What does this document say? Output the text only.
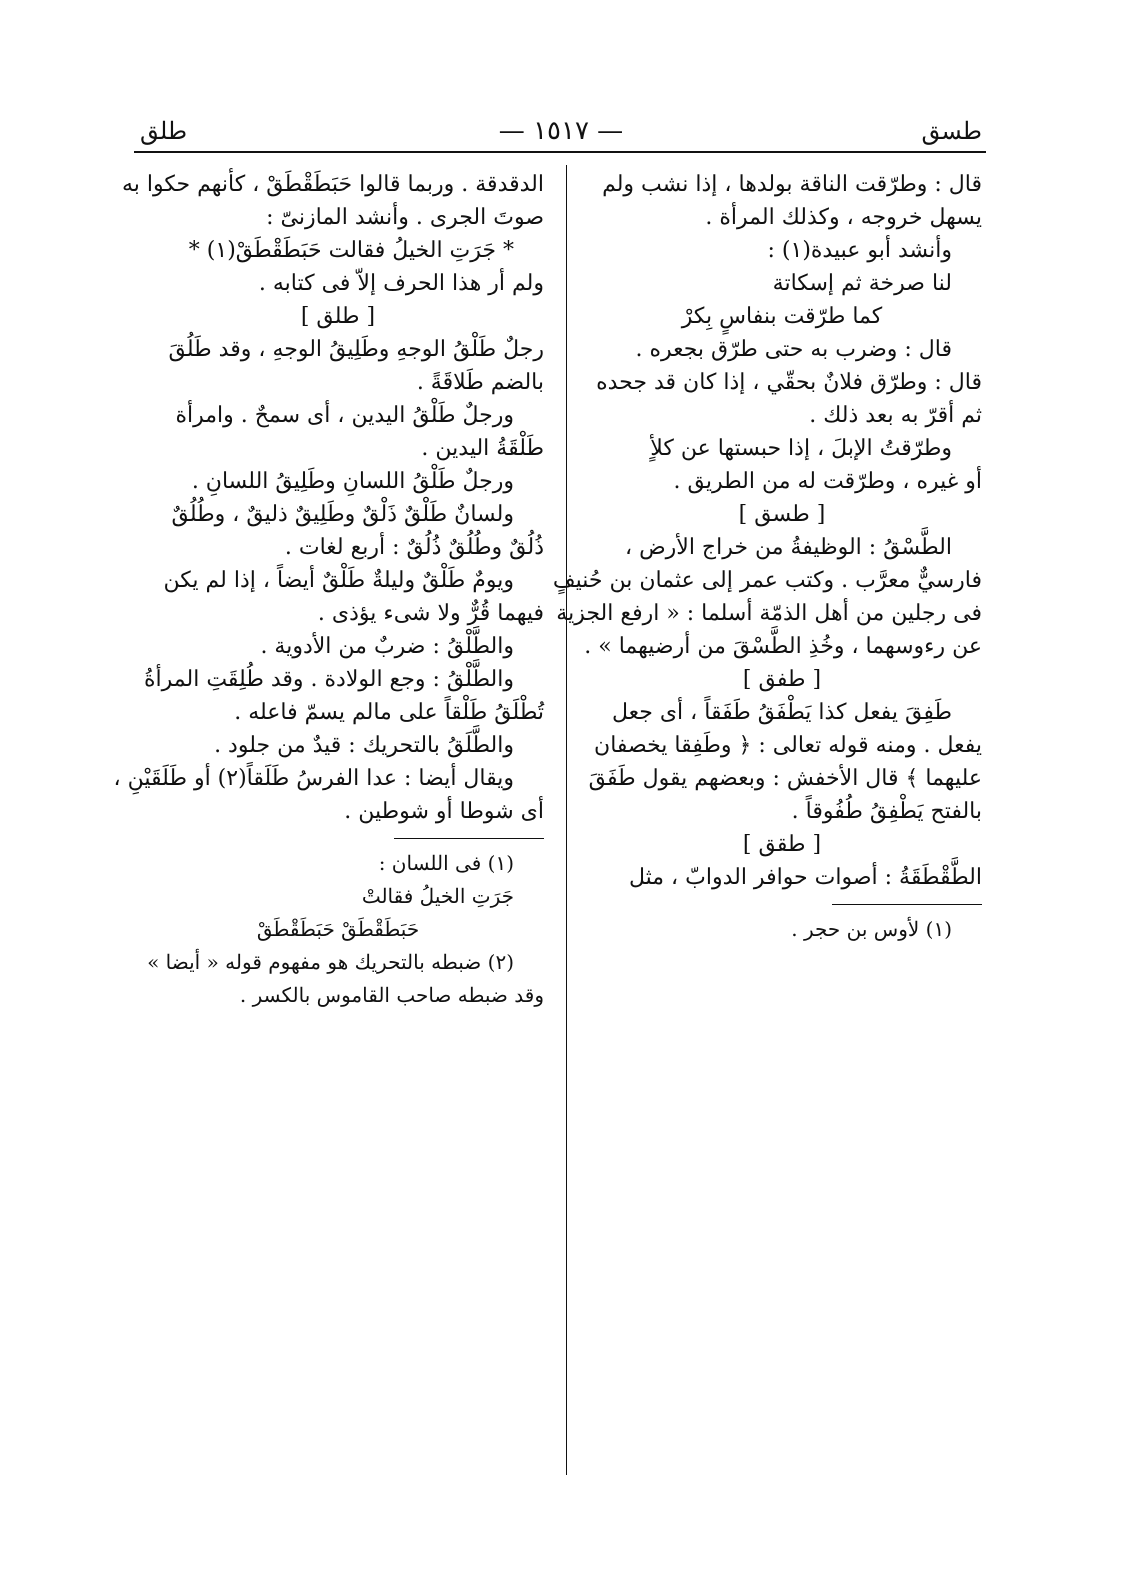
طسق
— ١٥١٧ —
طلق
قال : وطرّقت الناقة بولدها ، إذا نشب ولم
يسهل خروجه ، وكذلك المرأة .
وأنشد أبو عبيدة(١) :
لنا صرخة ثم إسكاتة
كما طرّقت بنفاسٍ بِكرْ
قال : وضرب به حتى طرّق بجعره .
قال : وطرّق فلانٌ بحقّي ، إذا كان قد جحده
ثم أقرّ به بعد ذلك .
وطرّقتُ الإبلَ ، إذا حبستها عن كلأٍ
أو غيره ، وطرّقت له من الطريق .
[ طسق ]
الطَّسْقُ : الوظيفةُ من خراج الأرض ،
فارسيٌّ معرَّب . وكتب عمر إلى عثمان بن حُنيفٍ
فى رجلين من أهل الذمّة أسلما : « ارفع الجزية
عن رءوسهما ، وخُذِ الطَّسْقَ من أرضيهما » .
[ طفق ]
طَفِقَ يفعل كذا يَطْفَقُ طَفَقاً ، أى جعل
يفعل . ومنه قوله تعالى : ﴿ وطَفِقا يخصفان
عليهما ﴾ قال الأخفش : وبعضهم يقول طَفَقَ
بالفتح يَطْفِقُ طُفُوقاً .
[ طقق ]
الطَّقْطَقَةُ : أصوات حوافر الدوابّ ، مثل
(١) لأوس بن حجر .
الدقدقة . وربما قالوا حَبَطَقْطَقْ ، كأنهم حكوا به
صوتَ الجرى . وأنشد المازنىّ :
* جَرَتِ الخيلُ فقالت حَبَطَقْطَقْ(١) *
ولم أر هذا الحرف إلاّ فى كتابه .
[ طلق ]
رجلٌ طَلْقُ الوجهِ وطَلِيقُ الوجهِ ، وقد طَلُقَ
بالضم طَلاقَةً .
ورجلٌ طَلْقُ اليدين ، أى سمحٌ . وامرأة
طَلْقَةُ اليدين .
ورجلٌ طَلْقُ اللسانِ وطَلِيقُ اللسانِ .
ولسانٌ طَلْقٌ ذَلْقٌ وطَلِيقٌ ذليقٌ ، وطُلُقٌ
ذُلُقٌ وطُلُقٌ ذُلُقٌ : أربع لغات .
ويومٌ طَلْقٌ وليلةٌ طَلْقٌ أيضاً ، إذا لم يكن
فيهما قُرٌّ ولا شىء يؤذى .
والطَّلْقُ : ضربٌ من الأدوية .
والطَّلْقُ : وجع الولادة . وقد طُلِقَتِ المرأةُ
تُطْلَقُ طَلْقاً على مالم يسمّ فاعله .
والطَّلَقُ بالتحريك : قيدٌ من جلود .
ويقال أيضا : عدا الفرسُ طَلَقاً(٢) أو طَلَقَيْنِ ،
أى شوطا أو شوطين .
(١) فى اللسان :
جَرَتِ الخيلُ فقالتْ
حَبَطَقْطَقْ حَبَطَقْطَقْ
(٢) ضبطه بالتحريك هو مفهوم قوله « أيضا »
وقد ضبطه صاحب القاموس بالكسر .
